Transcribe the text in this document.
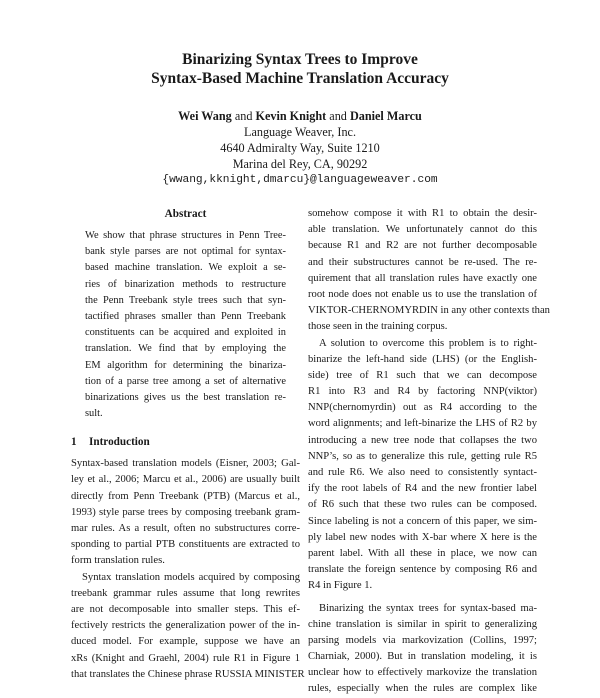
Binarizing Syntax Trees to Improve
Syntax-Based Machine Translation Accuracy
Wei Wang and Kevin Knight and Daniel Marcu
Language Weaver, Inc.
4640 Admiralty Way, Suite 1210
Marina del Rey, CA, 90292
{wwang,kknight,dmarcu}@languageweaver.com
Abstract
We show that phrase structures in Penn Tree-
bank style parses are not optimal for syntax-
based machine translation. We exploit a se-
ries of binarization methods to restructure
the Penn Treebank style trees such that syn-
tactified phrases smaller than Penn Treebank
constituents can be acquired and exploited in
translation. We find that by employing the
EM algorithm for determining the binariza-
tion of a parse tree among a set of alternative
binarizations gives us the best translation re-
sult.
1 Introduction
Syntax-based translation models (Eisner, 2003; Gal-
ley et al., 2006; Marcu et al., 2006) are usually built
directly from Penn Treebank (PTB) (Marcus et al.,
1993) style parse trees by composing treebank gram-
mar rules. As a result, often no substructures corre-
sponding to partial PTB constituents are extracted to
form translation rules.
Syntax translation models acquired by composing
treebank grammar rules assume that long rewrites
are not decomposable into smaller steps. This ef-
fectively restricts the generalization power of the in-
duced model. For example, suppose we have an
xRs (Knight and Graehl, 2004) rule R1 in Figure 1
that translates the Chinese phrase RUSSIA MINISTER
somehow compose it with R1 to obtain the desir-
able translation. We unfortunately cannot do this
because R1 and R2 are not further decomposable
and their substructures cannot be re-used. The re-
quirement that all translation rules have exactly one
root node does not enable us to use the translation of
VIKTOR-CHERNOMYRDIN in any other contexts than
those seen in the training corpus.
A solution to overcome this problem is to right-
binarize the left-hand side (LHS) (or the English-
side) tree of R1 such that we can decompose
R1 into R3 and R4 by factoring NNP(viktor)
NNP(chernomyrdin) out as R4 according to the
word alignments; and left-binarize the LHS of R2 by
introducing a new tree node that collapses the two
NNP’s, so as to generalize this rule, getting rule R5
and rule R6. We also need to consistently syntact-
ify the root labels of R4 and the new frontier label
of R6 such that these two rules can be composed.
Since labeling is not a concern of this paper, we sim-
ply label new nodes with X-bar where X here is the
parent label. With all these in place, we now can
translate the foreign sentence by composing R6 and
R4 in Figure 1.
Binarizing the syntax trees for syntax-based ma-
chine translation is similar in spirit to generalizing
parsing models via markovization (Collins, 1997;
Charniak, 2000). But in translation modeling, it is
unclear how to effectively markovize the translation
rules, especially when the rules are complex like
